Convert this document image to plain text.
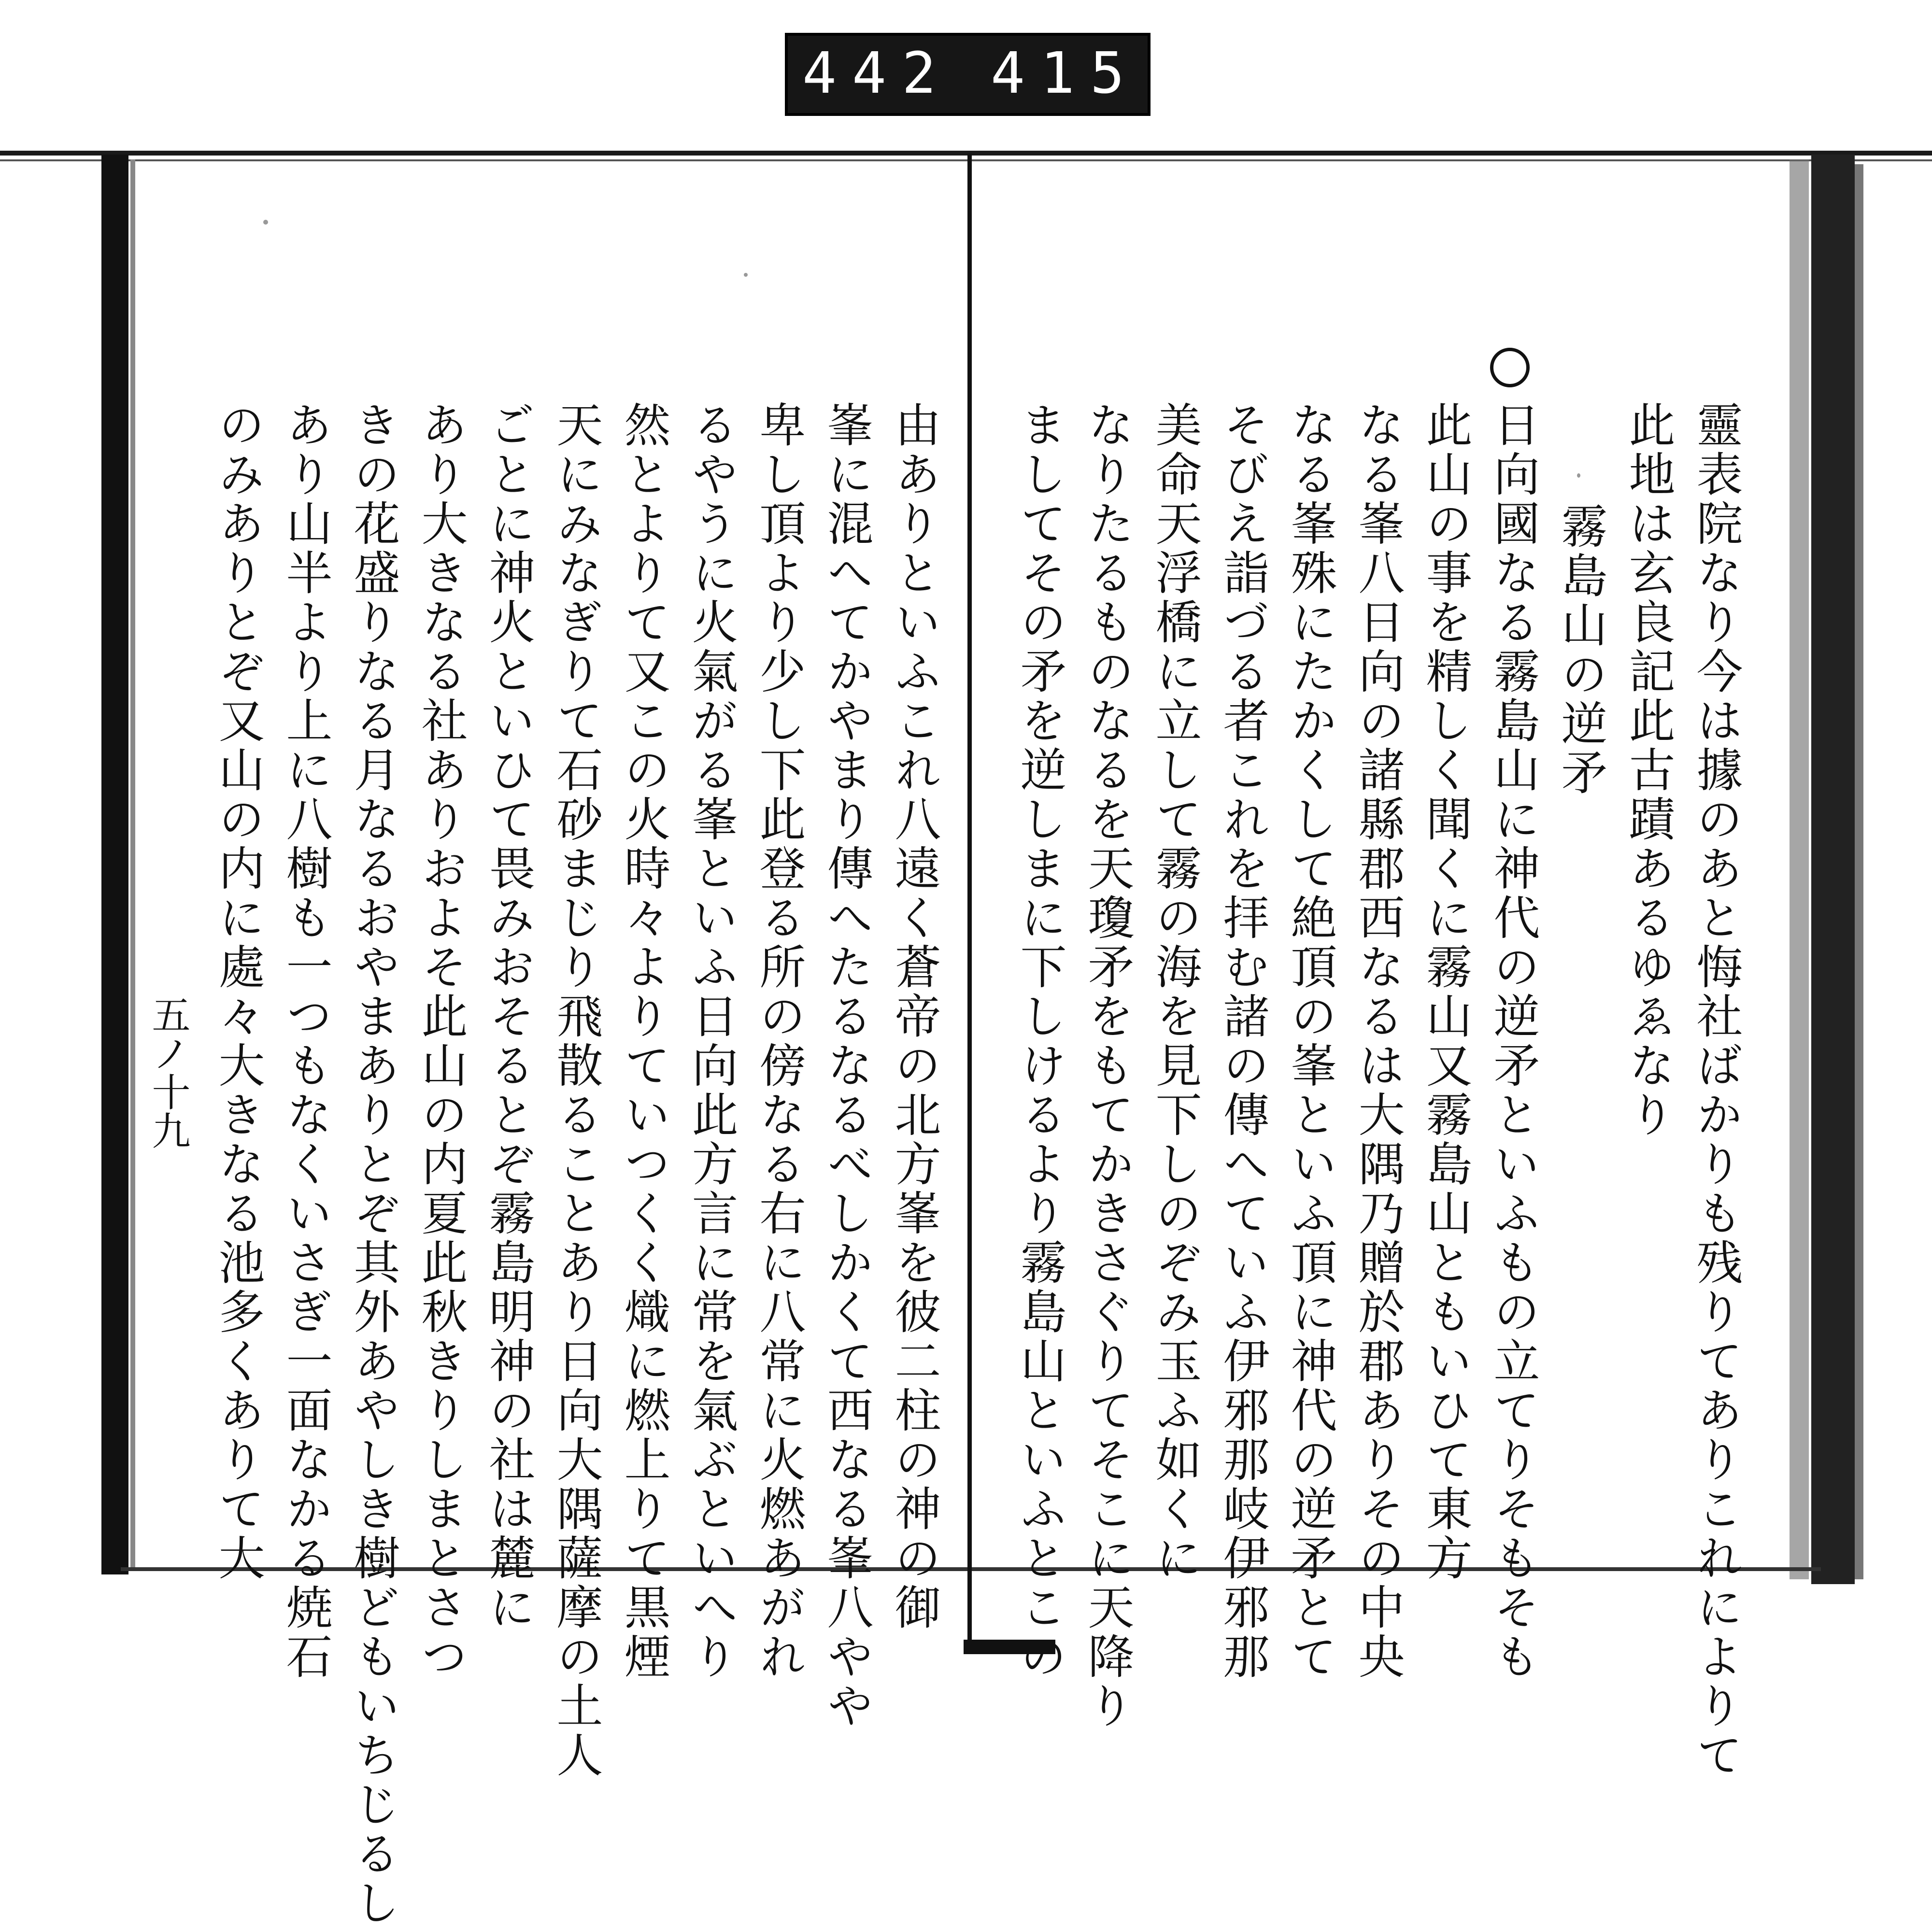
442 415.
靈表院なり今は據のあと悔社ばかりも残りてありこれによりて
此地は玄良記此古蹟あるゆゑなり
霧島山の逆矛
日向國なる霧島山に神代の逆矛といふもの立てりそもそも
此山の事を精しく聞くに霧山又霧島山ともいひて東方
なる峯八日向の諸縣郡西なるは大隅乃贈於郡ありその中央
なる峯殊にたかくして絶頂の峯といふ頂に神代の逆矛とて
そびえ詣づる者これを拝む諸の傳へていふ伊邪那岐伊邪那
美命天浮橋に立して霧の海を見下しのぞみ玉ふ如くに
なりたるものなるを天瓊矛をもてかきさぐりてそこに天降り
ましてその矛を逆しまに下しけるより霧島山といふとこの
由ありといふこれ八遠く蒼帝の北方峯を彼二柱の神の御
峯に混へてかやまり傳へたるなるべしかくて西なる峯八やや
卑し頂より少し下此登る所の傍なる右に八常に火燃あがれ
るやうに火氣がる峯といふ日向此方言に常を氣ぶといへり
然とよりて又この火時々よりていつくく熾に燃上りて黒煙
天にみなぎりて石砂まじり飛散ることあり日向大隅薩摩の土人
ごとに神火といひて畏みおそるとぞ霧島明神の社は麓に
あり大きなる社ありおよそ此山の内夏此秋きりしまとさつ
きの花盛りなる月なるおやまありとぞ其外あやしき樹どもいちじるし
あり山半より上に八樹も一つもなくいさぎ一面なかる焼石
のみありとぞ又山の内に處々大きなる池多くありて大
五ノ十九
